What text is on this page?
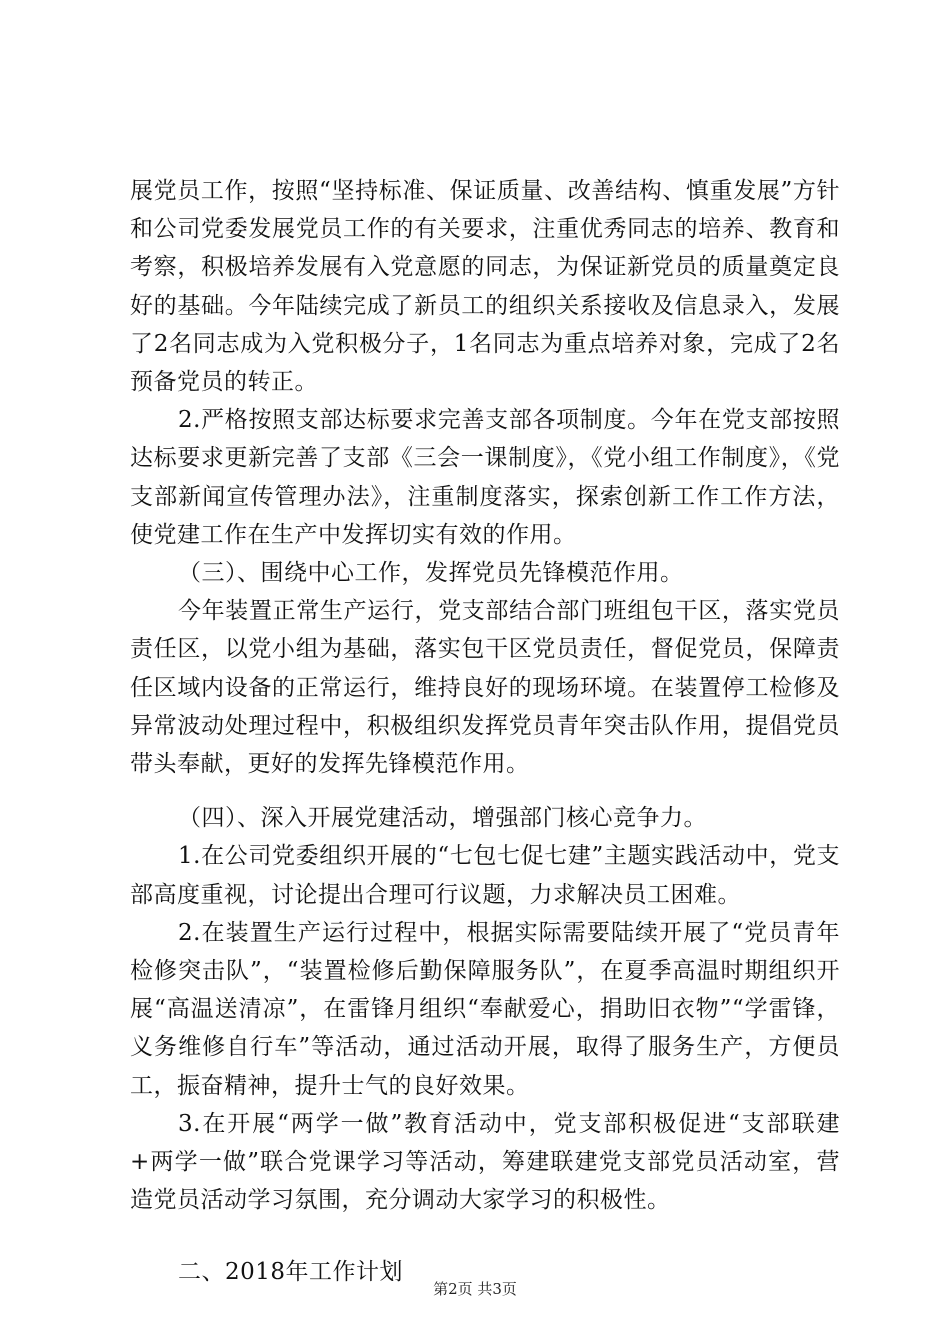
展党员工作，按照“坚持标准、保证质量、改善结构、慎重发展”方针和公司党委发展党员工作的有关要求，注重优秀同志的培养、教育和考察，积极培养发展有入党意愿的同志，为保证新党员的质量奠定良好的基础。今年陆续完成了新员工的组织关系接收及信息录入，发展了2名同志成为入党积极分子，1名同志为重点培养对象，完成了2名预备党员的转正。

2.严格按照支部达标要求完善支部各项制度。今年在党支部按照达标要求更新完善了支部《三会一课制度》，《党小组工作制度》，《党支部新闻宣传管理办法》，注重制度落实，探索创新工作工作方法，使党建工作在生产中发挥切实有效的作用。

（三）、围绕中心工作，发挥党员先锋模范作用。

今年装置正常生产运行，党支部结合部门班组包干区，落实党员责任区，以党小组为基础，落实包干区党员责任，督促党员，保障责任区域内设备的正常运行，维持良好的现场环境。在装置停工检修及异常波动处理过程中，积极组织发挥党员青年突击队作用，提倡党员带头奉献，更好的发挥先锋模范作用。

（四）、深入开展党建活动，增强部门核心竞争力。

1.在公司党委组织开展的“七包七促七建”主题实践活动中，党支部高度重视，讨论提出合理可行议题，力求解决员工困难。

2.在装置生产运行过程中，根据实际需要陆续开展了“党员青年检修突击队”，“装置检修后勤保障服务队”，在夏季高温时期组织开展“高温送清凉”，在雷锋月组织“奉献爱心，捐助旧衣物”“学雷锋，义务维修自行车”等活动，通过活动开展，取得了服务生产，方便员工，振奋精神，提升士气的良好效果。

3.在开展“两学一做”教育活动中，党支部积极促进“支部联建+两学一做”联合党课学习等活动，筹建联建党支部党员活动室，营造党员活动学习氛围，充分调动大家学习的积极性。

二、2018年工作计划

第2页 共3页
